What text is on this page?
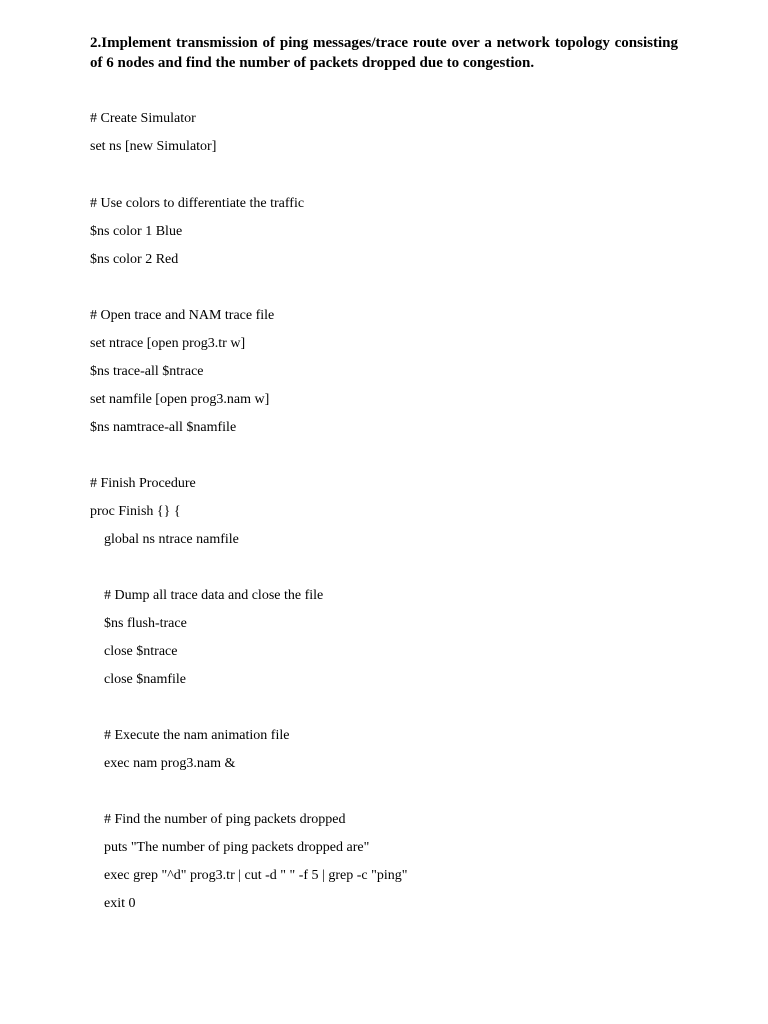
2.Implement transmission of ping messages/trace route over a network topology consisting of 6 nodes and find the number of packets dropped due to congestion.
# Create Simulator
set ns [new Simulator]
# Use colors to differentiate the traffic
$ns color 1 Blue
$ns color 2 Red
# Open trace and NAM trace file
set ntrace [open prog3.tr w]
$ns trace-all $ntrace
set namfile [open prog3.nam w]
$ns namtrace-all $namfile
# Finish Procedure
proc Finish {} {
global ns ntrace namfile
# Dump all trace data and close the file
$ns flush-trace
close $ntrace
close $namfile
# Execute the nam animation file
exec nam prog3.nam &
# Find the number of ping packets dropped
puts "The number of ping packets dropped are"
exec grep "^d" prog3.tr | cut -d " " -f 5 | grep -c "ping"
exit 0
